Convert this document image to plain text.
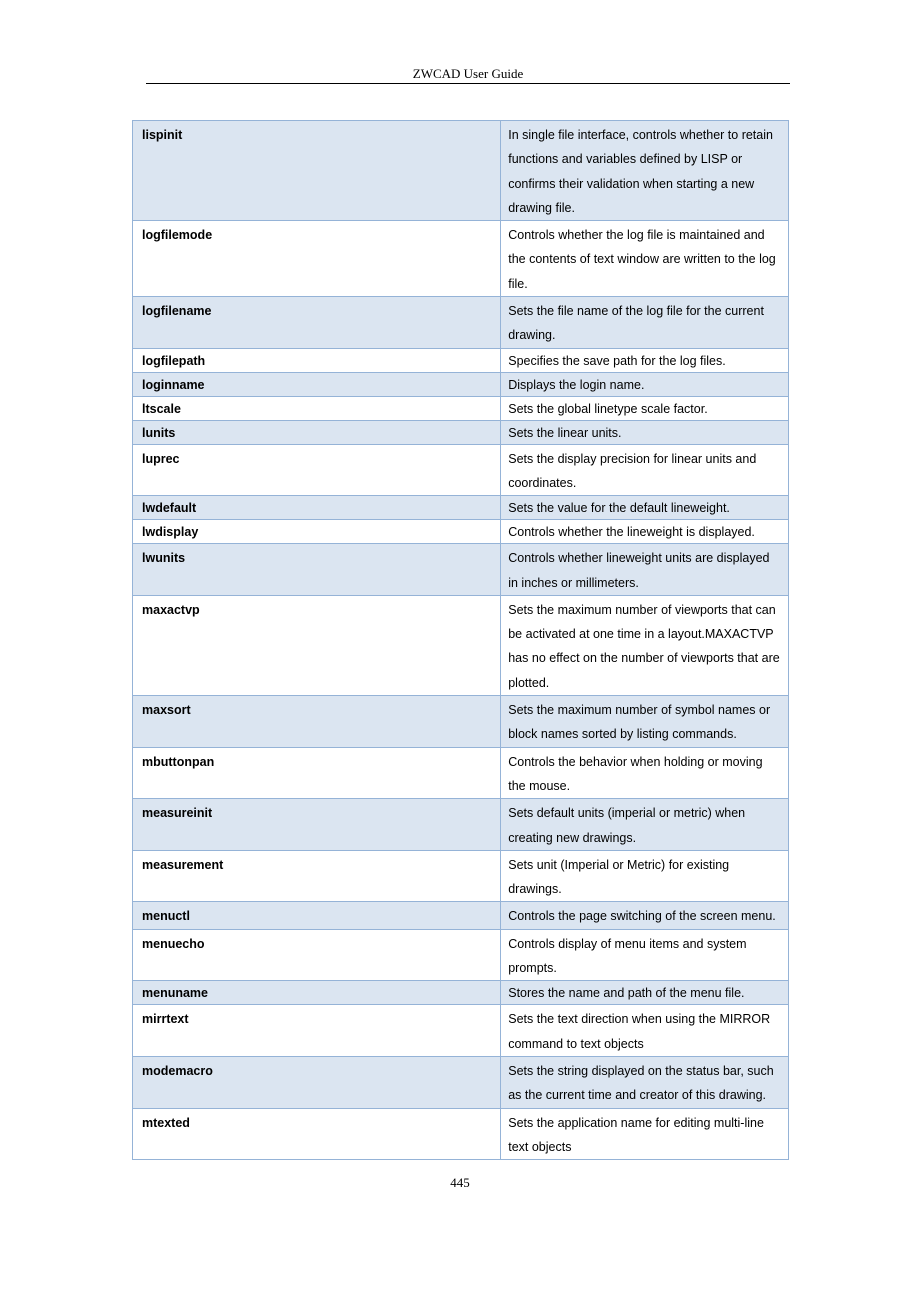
ZWCAD User Guide
lispinit	In single file interface, controls whether to retain functions and variables defined by LISP or confirms their validation when starting a new drawing file.
logfilemode	Controls whether the log file is maintained and the contents of text window are written to the log file.
logfilename	Sets the file name of the log file for the current drawing.
logfilepath	Specifies the save path for the log files.
loginname	Displays the login name.
ltscale	Sets the global linetype scale factor.
lunits	Sets the linear units.
luprec	Sets the display precision for linear units and coordinates.
lwdefault	Sets the value for the default lineweight.
lwdisplay	Controls whether the lineweight is displayed.
lwunits	Controls whether lineweight units are displayed in inches or millimeters.
maxactvp	Sets the maximum number of viewports that can be activated at one time in a layout.MAXACTVP has no effect on the number of viewports that are plotted.
maxsort	Sets the maximum number of symbol names or block names sorted by listing commands.
mbuttonpan	Controls the behavior when holding or moving the mouse.
measureinit	Sets default units (imperial or metric) when creating new drawings.
measurement	Sets unit (Imperial or Metric) for existing drawings.
menuctl	Controls the page switching of the screen menu.
menuecho	Controls display of menu items and system prompts.
menuname	Stores the name and path of the menu file.
mirrtext	Sets the text direction when using the MIRROR command to text objects
modemacro	Sets the string displayed on the status bar, such as the current time and creator of this drawing.
mtexted	Sets the application name for editing multi-line text objects
445
